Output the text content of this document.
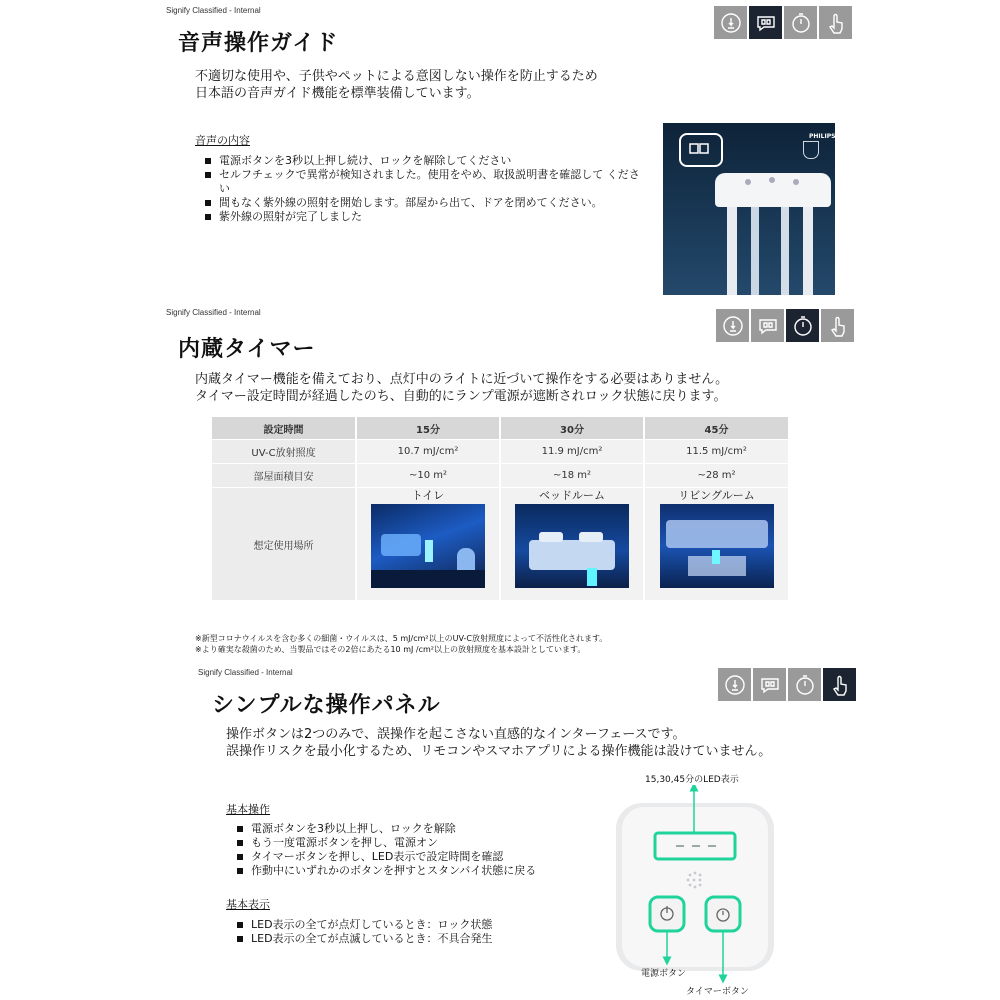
Signify Classified - Internal
音声操作ガイド
不適切な使用や、子供やペットによる意図しない操作を防止するため
日本語の音声ガイド機能を標準装備しています。
音声の内容
電源ボタンを3秒以上押し続け、ロックを解除してください
セルフチェックで異常が検知されました。使用をやめ、取扱説明書を確認して ください
間もなく紫外線の照射を開始します。部屋から出て、ドアを閉めてください。
紫外線の照射が完了しました
PHILIPS
Signify Classified - Internal
内蔵タイマー
内蔵タイマー機能を備えており、点灯中のライトに近づいて操作をする必要はありません。
タイマー設定時間が経過したのち、自動的にランプ電源が遮断されロック状態に戻ります。
設定時間	15分	30分	45分
UV-C放射照度	10.7 mJ/cm²	11.9 mJ/cm²	11.5 mJ/cm²
部屋面積目安	~10 m²	~18 m²	~28 m²
想定使用場所	トイレ	ベッドルーム	リビングルーム
※新型コロナウイルスを含む多くの細菌・ウイルスは、5 mJ/cm²以上のUV-C放射照度によって不活性化されます。
※より確実な殺菌のため、当製品ではその2倍にあたる10 mJ /cm²以上の放射照度を基本設計としています。
Signify Classified - Internal
シンプルな操作パネル
操作ボタンは2つのみで、誤操作を起こさない直感的なインターフェースです。
誤操作リスクを最小化するため、リモコンやスマホアプリによる操作機能は設けていません。
基本操作
電源ボタンを3秒以上押し、ロックを解除
もう一度電源ボタンを押し、電源オン
タイマーボタンを押し、LED表示で設定時間を確認
作動中にいずれかのボタンを押すとスタンバイ状態に戻る
基本表示
LED表示の全てが点灯しているとき：ロック状態
LED表示の全てが点滅しているとき：不具合発生
15,30,45分のLED表示
電源ボタン
タイマーボタン
